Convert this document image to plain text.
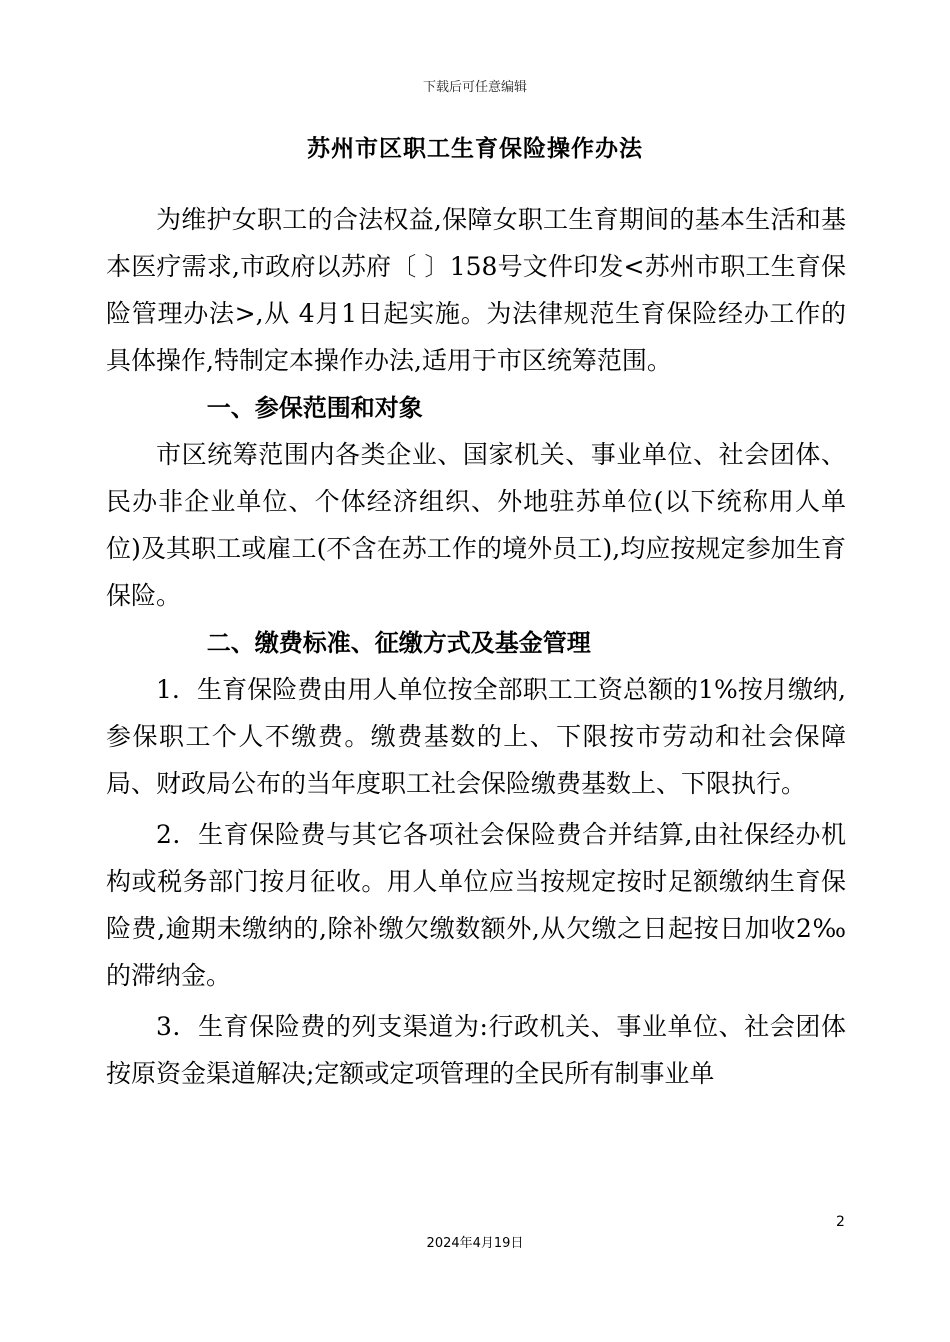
下载后可任意编辑
苏州市区职工生育保险操作办法

为维护女职工的合法权益,保障女职工生育期间的基本生活和基本医疗需求,市政府以苏府〔 〕158号文件印发<苏州市职工生育保险管理办法>,从 4月1日起实施。为法律规范生育保险经办工作的具体操作,特制定本操作办法,适用于市区统筹范围。

一、参保范围和对象

市区统筹范围内各类企业、国家机关、事业单位、社会团体、民办非企业单位、个体经济组织、外地驻苏单位(以下统称用人单位)及其职工或雇工(不含在苏工作的境外员工),均应按规定参加生育保险。

二、缴费标准、征缴方式及基金管理

1．生育保险费由用人单位按全部职工工资总额的1%按月缴纳,参保职工个人不缴费。缴费基数的上、下限按市劳动和社会保障局、财政局公布的当年度职工社会保险缴费基数上、下限执行。

2．生育保险费与其它各项社会保险费合并结算,由社保经办机构或税务部门按月征收。用人单位应当按规定按时足额缴纳生育保险费,逾期未缴纳的,除补缴欠缴数额外,从欠缴之日起按日加收2‰的滞纳金。

3．生育保险费的列支渠道为:行政机关、事业单位、社会团体按原资金渠道解决;定额或定项管理的全民所有制事业单

2
2024年4月19日
